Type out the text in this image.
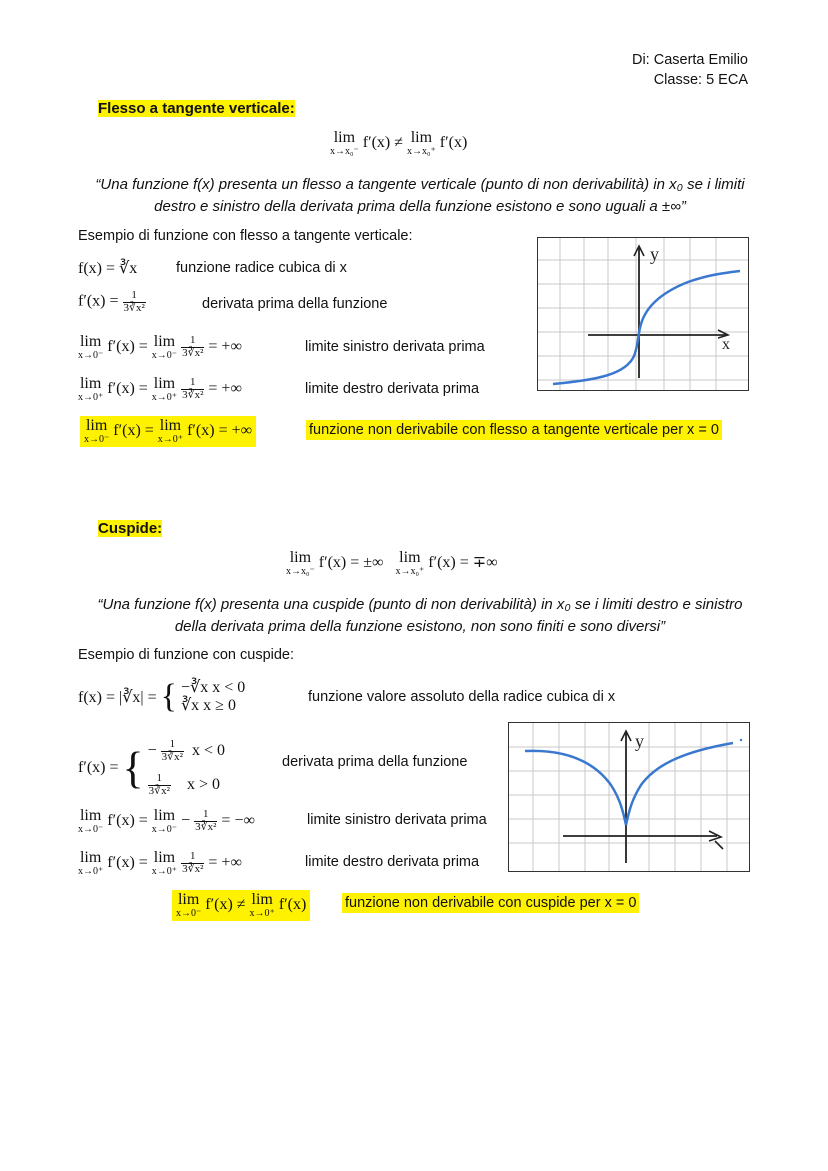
Di: Caserta Emilio
Classe: 5 ECA
Flesso a tangente verticale:
lim
x→x₀⁻
f′(x) ≠ lim
x→x₀⁺
f′(x)
“Una funzione f(x) presenta un flesso a tangente verticale (punto di non derivabilità) in x₀ se i limiti destro e sinistro della derivata prima della funzione esistono e sono uguali a ±∞”
Esempio di funzione con flesso a tangente verticale:
f(x) = ∛x	funzione radice cubica di x
$f'(x) = \frac{1}{\text{3∛x²}}$	derivata prima della funzione
lim
x→0⁻
f′(x) = lim
x→0⁻
$\frac{1}{\text{3∛x²}}$ = +∞	limite sinistro derivata prima
lim
x→0⁺
f′(x) = lim
x→0⁺
$\frac{1}{\text{3∛x²}}$ = +∞	limite destro derivata prima
lim
x→0⁻
f′(x) = lim
x→0⁺
f′(x) = +∞	funzione non derivabile con flesso a tangente verticale per x = 0
y
x
Cuspide:
lim
x→x₀⁻
f′(x) = ±∞ lim
x→x₀⁺
f′(x) = ∓∞
“Una funzione f(x) presenta una cuspide (punto di non derivabilità) in x₀ se i limiti destro e sinistro della derivata prima della funzione esistono, non sono finiti e sono diversi”
Esempio di funzione con cuspide:
f(x) = |∛x| = { −∛x x < 0
∛x x ≥ 0	funzione valore assoluto della radice cubica di x
f′(x) = { − $\frac{1}{\text{3∛x²}}$ x < 0
$\frac{1}{\text{3∛x²}}$ x > 0
derivata prima della funzione
lim
x→0⁻
f′(x) = lim
x→0⁻
− $\frac{1}{\text{3∛x²}}$ = −∞	limite sinistro derivata prima
lim
x→0⁺
f′(x) = lim
x→0⁺
$\frac{1}{\text{3∛x²}}$ = +∞	limite destro derivata prima
lim
x→0⁻
f′(x) ≠ lim
x→0⁺
f′(x)	funzione non derivabile con cuspide per x = 0
y
